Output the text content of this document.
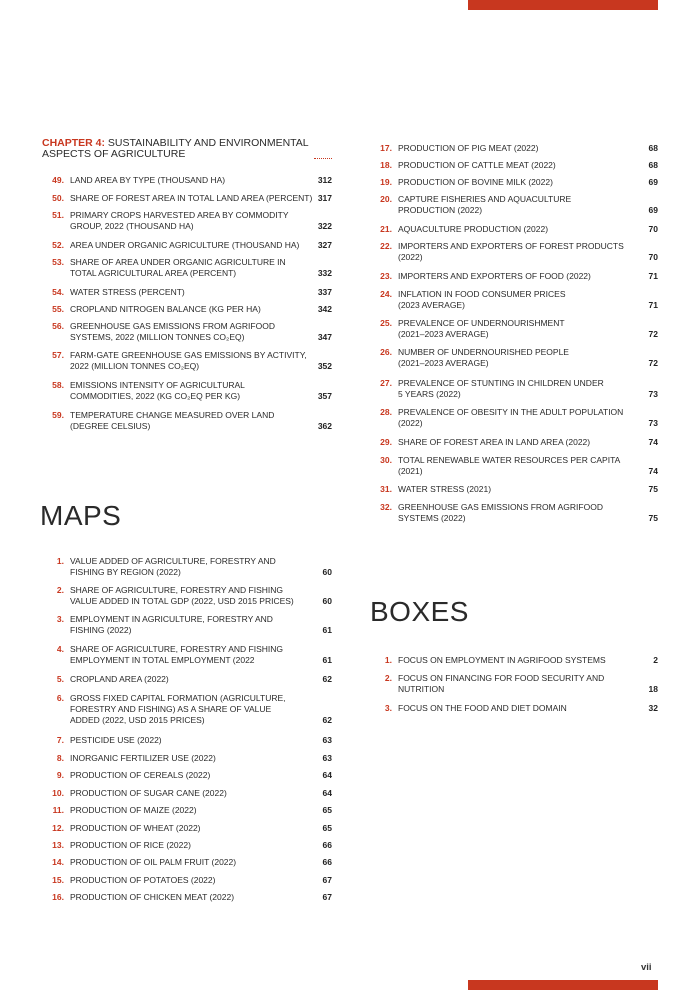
CHAPTER 4: SUSTAINABILITY AND ENVIRONMENTAL
ASPECTS OF AGRICULTURE
49. LAND AREA BY TYPE (THOUSAND HA)	312
50. SHARE OF FOREST AREA IN TOTAL LAND AREA (PERCENT) 317
51. PRIMARY CROPS HARVESTED AREA BY COMMODITY
GROUP, 2022 (THOUSAND HA)	322
52. AREA UNDER ORGANIC AGRICULTURE (THOUSAND HA) 327
53. SHARE OF AREA UNDER ORGANIC AGRICULTURE IN
TOTAL AGRICULTURAL AREA (PERCENT)	332
54. WATER STRESS (PERCENT)	337
55. CROPLAND NITROGEN BALANCE (KG PER HA)	342
56. GREENHOUSE GAS EMISSIONS FROM AGRIFOOD
SYSTEMS, 2022 (MILLION TONNES CO₂EQ)	347
57. FARM-GATE GREENHOUSE GAS EMISSIONS BY ACTIVITY,
2022 (MILLION TONNES CO₂EQ)	352
58. EMISSIONS INTENSITY OF AGRICULTURAL
COMMODITIES, 2022 (KG CO₂EQ PER KG)	357
59. TEMPERATURE CHANGE MEASURED OVER LAND
(DEGREE CELSIUS)	362
MAPS
1. VALUE ADDED OF AGRICULTURE, FORESTRY AND
FISHING BY REGION (2022)	60
2. SHARE OF AGRICULTURE, FORESTRY AND FISHING
VALUE ADDED IN TOTAL GDP (2022, USD 2015 PRICES)	60
3. EMPLOYMENT IN AGRICULTURE, FORESTRY AND
FISHING (2022)	61
4. SHARE OF AGRICULTURE, FORESTRY AND FISHING
EMPLOYMENT IN TOTAL EMPLOYMENT (2022	61
5. CROPLAND AREA (2022)	62
6. GROSS FIXED CAPITAL FORMATION (AGRICULTURE,
FORESTRY AND FISHING) AS A SHARE OF VALUE
ADDED (2022, USD 2015 PRICES)	62
7. PESTICIDE USE (2022)	63
8. INORGANIC FERTILIZER USE (2022)	63
9. PRODUCTION OF CEREALS (2022)	64
10. PRODUCTION OF SUGAR CANE (2022)	64
11. PRODUCTION OF MAIZE (2022)	65
12. PRODUCTION OF WHEAT (2022)	65
13. PRODUCTION OF RICE (2022)	66
14. PRODUCTION OF OIL PALM FRUIT (2022)	66
15. PRODUCTION OF POTATOES (2022)	67
16. PRODUCTION OF CHICKEN MEAT (2022)	67
17. PRODUCTION OF PIG MEAT (2022)	68
18. PRODUCTION OF CATTLE MEAT (2022)	68
19. PRODUCTION OF BOVINE MILK (2022)	69
20. CAPTURE FISHERIES AND AQUACULTURE
PRODUCTION (2022)	69
21. AQUACULTURE PRODUCTION (2022)	70
22. IMPORTERS AND EXPORTERS OF FOREST PRODUCTS
(2022)	70
23. IMPORTERS AND EXPORTERS OF FOOD (2022)	71
24. INFLATION IN FOOD CONSUMER PRICES
(2023 AVERAGE)	71
25. PREVALENCE OF UNDERNOURISHMENT
(2021–2023 AVERAGE)	72
26. NUMBER OF UNDERNOURISHED PEOPLE
(2021–2023 AVERAGE)	72
27. PREVALENCE OF STUNTING IN CHILDREN UNDER
5 YEARS (2022)	73
28. PREVALENCE OF OBESITY IN THE ADULT POPULATION
(2022)	73
29. SHARE OF FOREST AREA IN LAND AREA (2022)	74
30. TOTAL RENEWABLE WATER RESOURCES PER CAPITA
(2021)	74
31. WATER STRESS (2021)	75
32. GREENHOUSE GAS EMISSIONS FROM AGRIFOOD
SYSTEMS (2022)	75
BOXES
1. FOCUS ON EMPLOYMENT IN AGRIFOOD SYSTEMS	2
2. FOCUS ON FINANCING FOR FOOD SECURITY AND
NUTRITION	18
3. FOCUS ON THE FOOD AND DIET DOMAIN	32
vii
